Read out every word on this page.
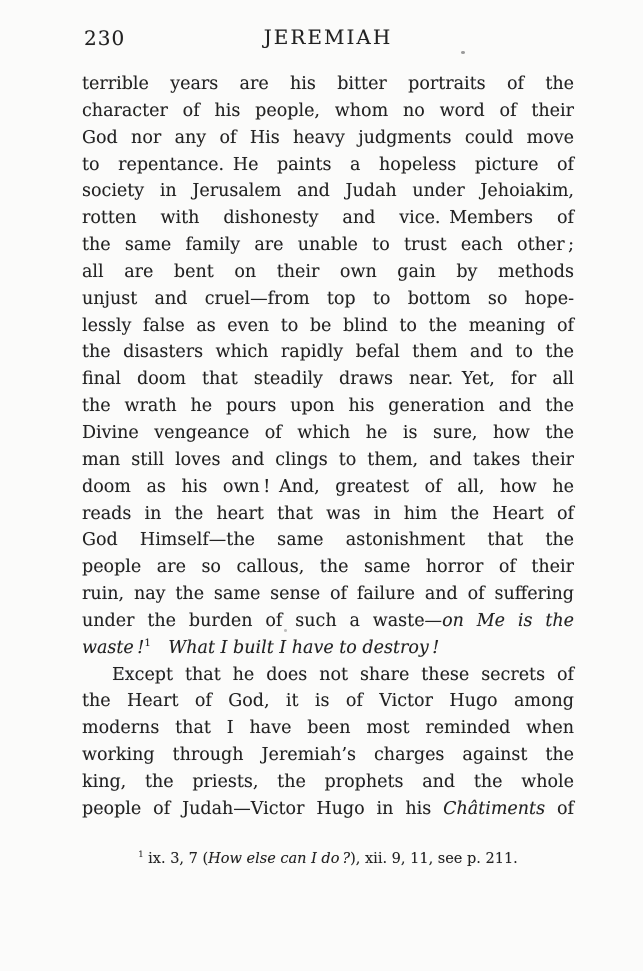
230	JEREMIAH
terrible years are his bitter portraits of the
character of his people, whom no word of their
God nor any of His heavy judgments could move
to repentance. He paints a hopeless picture of
society in Jerusalem and Judah under Jehoiakim,
rotten with dishonesty and vice. Members of
the same family are unable to trust each other ;
all are bent on their own gain by methods
unjust and cruel—from top to bottom so hope-
lessly false as even to be blind to the meaning of
the disasters which rapidly befal them and to the
final doom that steadily draws near. Yet, for all
the wrath he pours upon his generation and the
Divine vengeance of which he is sure, how the
man still loves and clings to them, and takes their
doom as his own ! And, greatest of all, how he
reads in the heart that was in him the Heart of
God Himself—the same astonishment that the
people are so callous, the same horror of their
ruin, nay the same sense of failure and of suffering
under the burden of such a waste—on Me is the
waste !$^1$  What I built I have to destroy !
Except that he does not share these secrets of
the Heart of God, it is of Victor Hugo among
moderns that I have been most reminded when
working through Jeremiah’s charges against the
king, the priests, the prophets and the whole
people of Judah—Victor Hugo in his Châtiments of
$^1$ ix. 3, 7 (How else can I do ?), xii. 9, 11, see p. 211.
